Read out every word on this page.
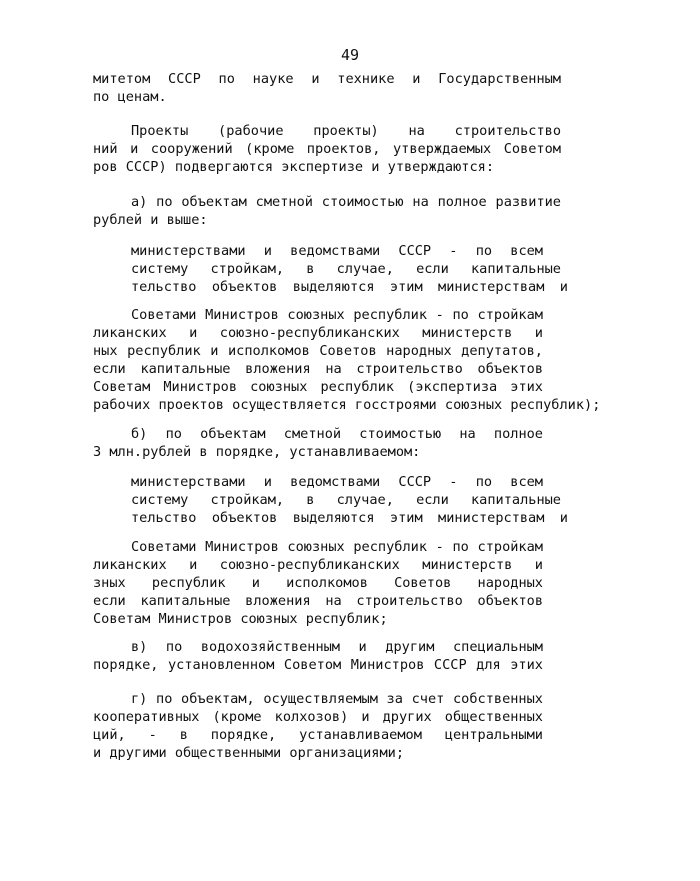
49
митетом СССР по науке и технике и Государственным
по ценам.
Проекты (рабочие проекты) на строительство
ний и сооружений (кроме проектов, утверждаемых Советом
ров СССР) подвергаются экспертизе и утверждаются:
а) по объектам сметной стоимостью на полное развитие
рублей и выше:
министерствами и ведомствами СССР - по всем
систему стройкам, в случае, если капитальные
тельство объектов выделяются этим министерствам и
Советами Министров союзных республик - по стройкам
ликанских и союзно-республиканских министерств и
ных республик и исполкомов Советов народных депутатов,
если капитальные вложения на строительство объектов
Советам Министров союзных республик (экспертиза этих
рабочих проектов осуществляется госстроями союзных республик);
б) по объектам сметной стоимостью на полное
3 млн.рублей в порядке, устанавливаемом:
министерствами и ведомствами СССР - по всем
систему стройкам, в случае, если капитальные
тельство объектов выделяются этим министерствам и
Советами Министров союзных республик - по стройкам
ликанских и союзно-республиканских министерств и
зных республик и исполкомов Советов народных
если капитальные вложения на строительство объектов
Советам Министров союзных республик;
в) по водохозяйственным и другим специальным
порядке, установленном Советом Министров СССР для этих
г) по объектам, осуществляемым за счет собственных
кооперативных (кроме колхозов) и других общественных
ций, - в порядке, устанавливаемом центральными
и другими общественными организациями;
